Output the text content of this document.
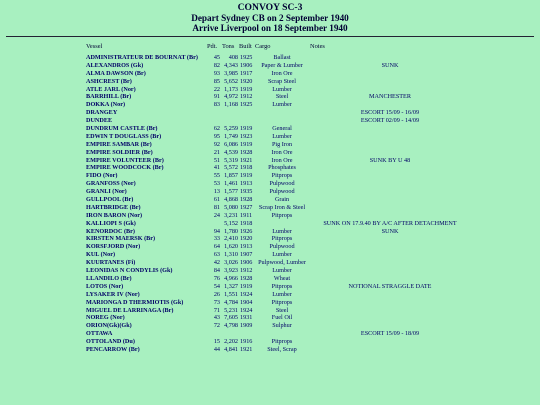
CONVOY SC-3
Depart Sydney CB on 2 September 1940
Arrive Liverpool on 18 September 1940
Vessel	Pdt. Tons Built Cargo	Notes
ADMINISTRATEUR DE BOURNAT (Br)	45	408 1925	Ballast
ALEXANDROS (Gk)	82 4,343 1906	Paper & Lumber	SUNK
ALMA DAWSON (Br)	93 3,985 1917	Iron Ore
ASHCREST (Br)	85 5,652 1920	Scrap Steel
ATLE JARL (Nor)	22 1,173 1919	Lumber
BARRHILL (Br)	91 4,972 1912	Steel	MANCHESTER
DOKKA (Nor)	83 1,168 1925	Lumber
DRANGEY	ESCORT 15/09 - 16/09
DUNDEE	ESCORT 02/09 - 14/09
DUNDRUM CASTLE (Br)	62 5,259 1919	General
EDWIN T DOUGLASS (Br)	95 1,749 1923	Lumber
EMPIRE SAMBAR (Br)	92 6,086 1919	Pig Iron
EMPIRE SOLDIER (Br)	21 4,539 1928	Iron Ore
EMPIRE VOLUNTEER (Br)	51 5,319 1921	Iron Ore	SUNK BY U 48
EMPIRE WOODCOCK (Br)	41 5,572 1918	Phosphates
FIDO (Nor)	55 1,857 1919	Pitprops
GRANFOSS (Nor)	53 1,461 1913	Pulpwood
GRANLI (Nor)	13 1,577 1935	Pulpwood
GULLPOOL (Br)	61 4,868 1928	Grain
HARTBRIDGE (Br)	81 5,080 1927	Scrap Iron & Steel
IRON BARON (Nor)	24 3,231 1911	Pitprops
KALLIOPI S (Gk)	5,152 1918	SUNK ON 17.9.40 BY A/C AFTER DETACHMENT
KENORDOC (Br)	94 1,780 1926	Lumber	SUNK
KIRSTEN MAERSK (Br)	33 2,410 1920	Pitprops
KORSFJORD (Nor)	64 1,620 1913	Pulpwood
KUL (Nor)	63 1,310 1907	Lumber
KUURTANES (Fi)	42 3,026 1906 Pulpwood, Lumber
LEONIDAS N CONDYLIS (Gk)	84 3,923 1912	Lumber
LLANDILO (Br)	76 4,966 1928	Wheat
LOTOS (Nor)	54 1,327 1919	Pitprops	NOTIONAL STRAGGLE DATE
LYSAKER IV (Nor)	26 1,551 1924	Lumber
MARIONGA D THERMIOTIS (Gk)	73 4,784 1904	Pitprops
MIGUEL DE LARRINAGA (Br)	71 5,231 1924	Steel
NOREG (Nor)	43 7,605 1931	Fuel Oil
ORION(Gk)(Gk)	72 4,798 1909	Sulphur
OTTAWA	ESCORT 15/09 - 18/09
OTTOLAND (Du)	15 2,202 1916	Pitprops
PENCARROW (Br)	44 4,841 1921	Steel, Scrap
